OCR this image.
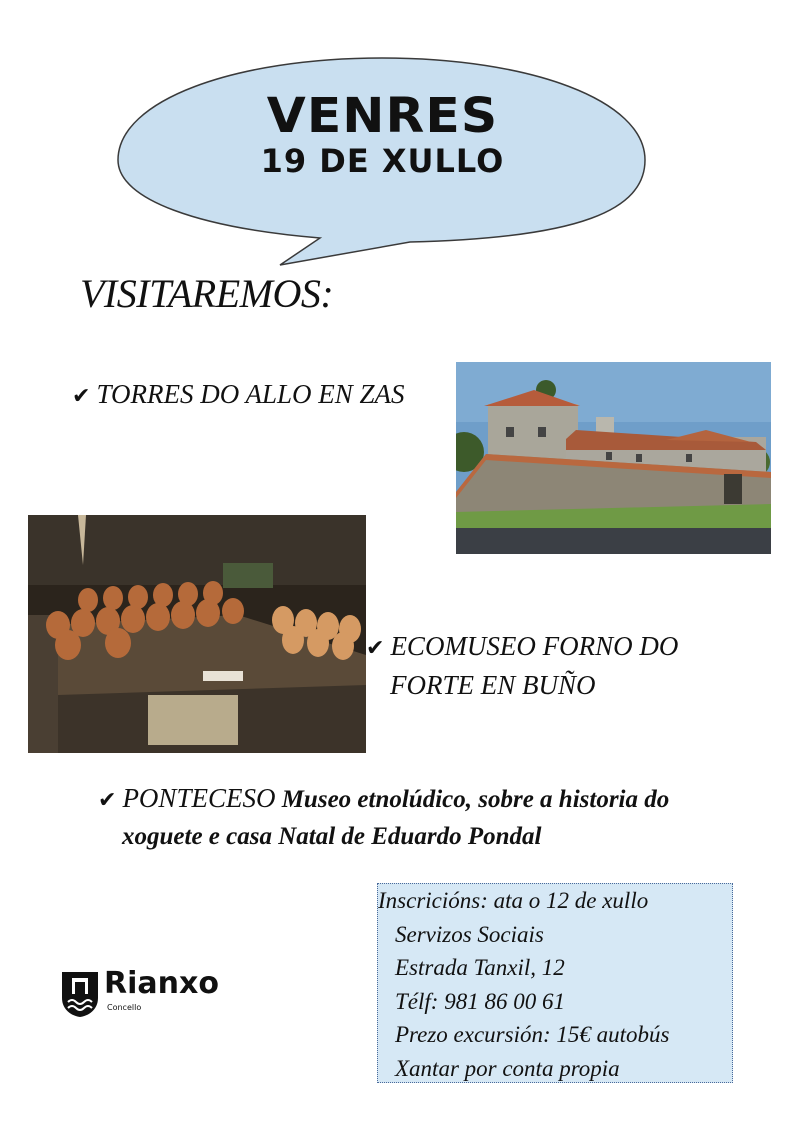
VENRES
19 DE XULLO
VISITAREMOS:
✔ TORRES DO ALLO EN ZAS
✔ ECOMUSEO FORNO DO
FORTE EN BUÑO
✔ PONTECESO Museo etnolúdico, sobre a historia do
xoguete e casa Natal de Eduardo Pondal
Inscricións: ata o 12 de xullo
Servizos Sociais
Estrada Tanxil, 12
Télf: 981 86 00 61
Prezo excursión: 15€ autobús
Xantar por conta propia
Rianxo
Concello
